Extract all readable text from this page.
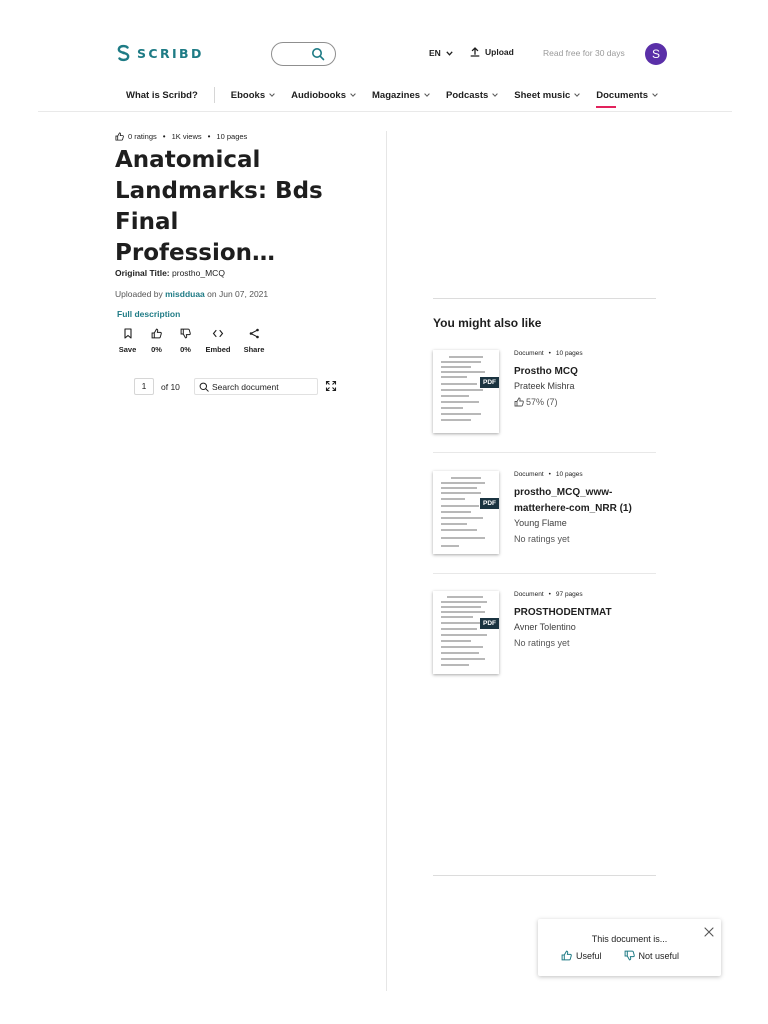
SCRIBD	EN	Upload	Read free for 30 days	S
What is Scribd?	Ebooks	Audiobooks	Magazines	Podcasts	Sheet music	Documents
0 ratings • 1K views • 10 pages
Anatomical Landmarks: Bds Final Profession…
Original Title: prostho_MCQ
Uploaded by misdduaa on Jun 07, 2021
Full description
Save 0% 0% Embed Share
1	of 10	Search document
You might also like
PDF
Document • 10 pages
Prostho MCQ
Prateek Mishra
57% (7)
PDF
Document • 10 pages
prostho_MCQ_www-matterhere-com_NRR (1)
Young Flame
No ratings yet
PDF
Document • 97 pages
PROSTHODENTMAT
Avner Tolentino
No ratings yet
This document is...
Useful	Not useful
